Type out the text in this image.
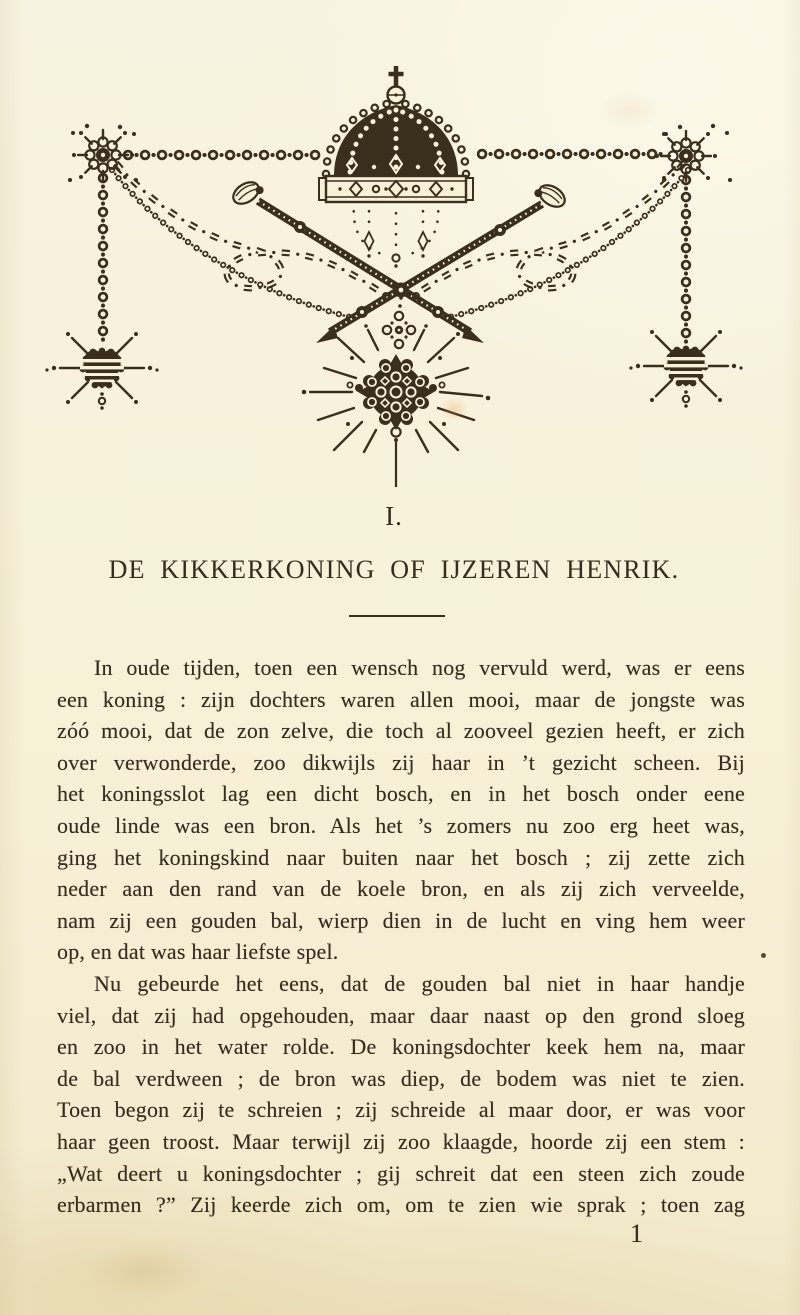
I.
DE KIKKERKONING OF IJZEREN HENRIK.
In oude tijden, toen een wensch nog vervuld werd, was er eens
een koning : zijn dochters waren allen mooi, maar de jongste was
zóó mooi, dat de zon zelve, die toch al zooveel gezien heeft, er zich
over verwonderde, zoo dikwijls zij haar in ’t gezicht scheen. Bij
het koningsslot lag een dicht bosch, en in het bosch onder eene
oude linde was een bron. Als het ’s zomers nu zoo erg heet was,
ging het koningskind naar buiten naar het bosch ; zij zette zich
neder aan den rand van de koele bron, en als zij zich verveelde,
nam zij een gouden bal, wierp dien in de lucht en ving hem weer
op, en dat was haar liefste spel.
Nu gebeurde het eens, dat de gouden bal niet in haar handje
viel, dat zij had opgehouden, maar daar naast op den grond sloeg
en zoo in het water rolde. De koningsdochter keek hem na, maar
de bal verdween ; de bron was diep, de bodem was niet te zien.
Toen begon zij te schreien ; zij schreide al maar door, er was voor
haar geen troost. Maar terwijl zij zoo klaagde, hoorde zij een stem :
„Wat deert u koningsdochter ; gij schreit dat een steen zich zoude
erbarmen ?” Zij keerde zich om, om te zien wie sprak ; toen zag
1
